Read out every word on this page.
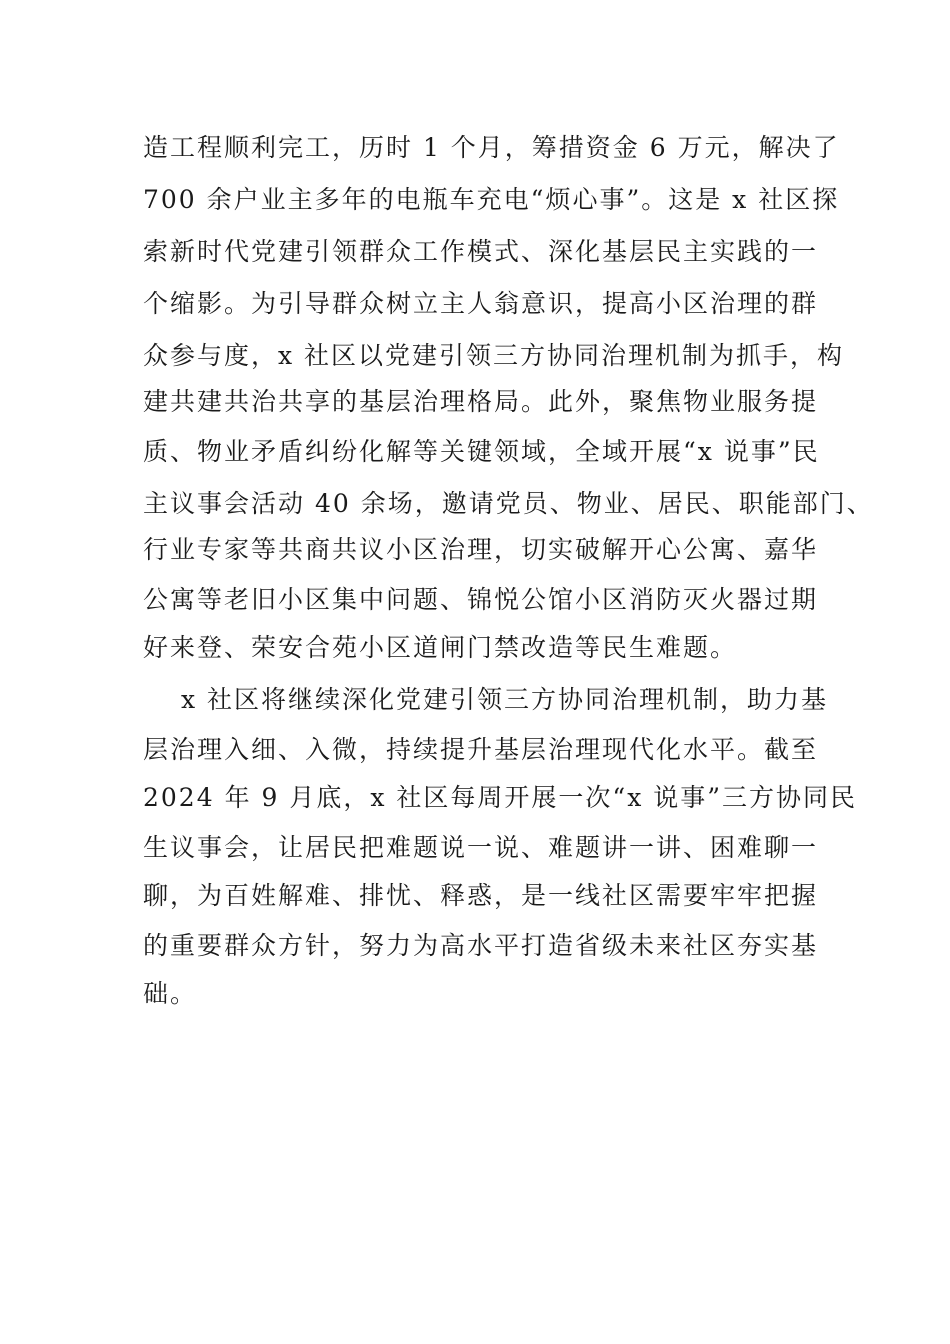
造工程顺利完工，历时 1 个月，筹措资金 6 万元，解决了
700 余户业主多年的电瓶车充电“烦心事”。这是 x 社区探
索新时代党建引领群众工作模式、深化基层民主实践的一
个缩影。为引导群众树立主人翁意识，提高小区治理的群
众参与度，x 社区以党建引领三方协同治理机制为抓手，构
建共建共治共享的基层治理格局。此外，聚焦物业服务提
质、物业矛盾纠纷化解等关键领域，全域开展“x 说事”民
主议事会活动 40 余场，邀请党员、物业、居民、职能部门、
行业专家等共商共议小区治理，切实破解开心公寓、嘉华
公寓等老旧小区集中问题、锦悦公馆小区消防灭火器过期
好来登、荣安合苑小区道闸门禁改造等民生难题。
x 社区将继续深化党建引领三方协同治理机制，助力基
层治理入细、入微，持续提升基层治理现代化水平。截至
2024 年 9 月底，x 社区每周开展一次“x 说事”三方协同民
生议事会，让居民把难题说一说、难题讲一讲、困难聊一
聊，为百姓解难、排忧、释惑，是一线社区需要牢牢把握
的重要群众方针，努力为高水平打造省级未来社区夯实基
础。
